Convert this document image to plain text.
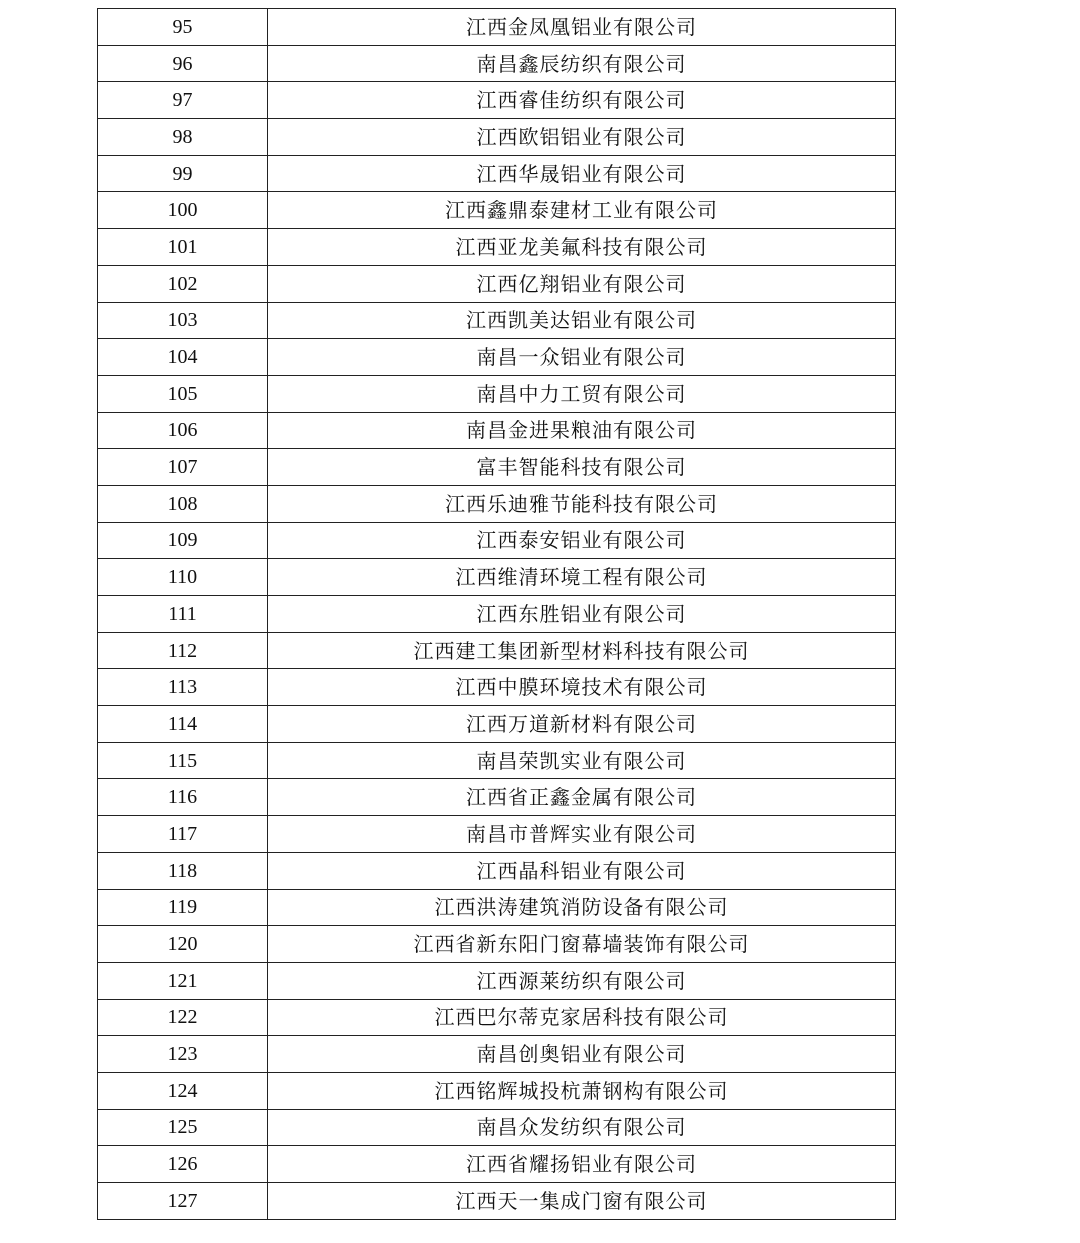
95	江西金凤凰铝业有限公司
96	南昌鑫辰纺织有限公司
97	江西睿佳纺织有限公司
98	江西欧铝铝业有限公司
99	江西华晟铝业有限公司
100	江西鑫鼎泰建材工业有限公司
101	江西亚龙美氟科技有限公司
102	江西亿翔铝业有限公司
103	江西凯美达铝业有限公司
104	南昌一众铝业有限公司
105	南昌中力工贸有限公司
106	南昌金进果粮油有限公司
107	富丰智能科技有限公司
108	江西乐迪雅节能科技有限公司
109	江西泰安铝业有限公司
110	江西维清环境工程有限公司
111	江西东胜铝业有限公司
112	江西建工集团新型材料科技有限公司
113	江西中膜环境技术有限公司
114	江西万道新材料有限公司
115	南昌荣凯实业有限公司
116	江西省正鑫金属有限公司
117	南昌市普辉实业有限公司
118	江西晶科铝业有限公司
119	江西洪涛建筑消防设备有限公司
120	江西省新东阳门窗幕墙装饰有限公司
121	江西源莱纺织有限公司
122	江西巴尔蒂克家居科技有限公司
123	南昌创奥铝业有限公司
124	江西铭辉城投杭萧钢构有限公司
125	南昌众发纺织有限公司
126	江西省耀扬铝业有限公司
127	江西天一集成门窗有限公司
